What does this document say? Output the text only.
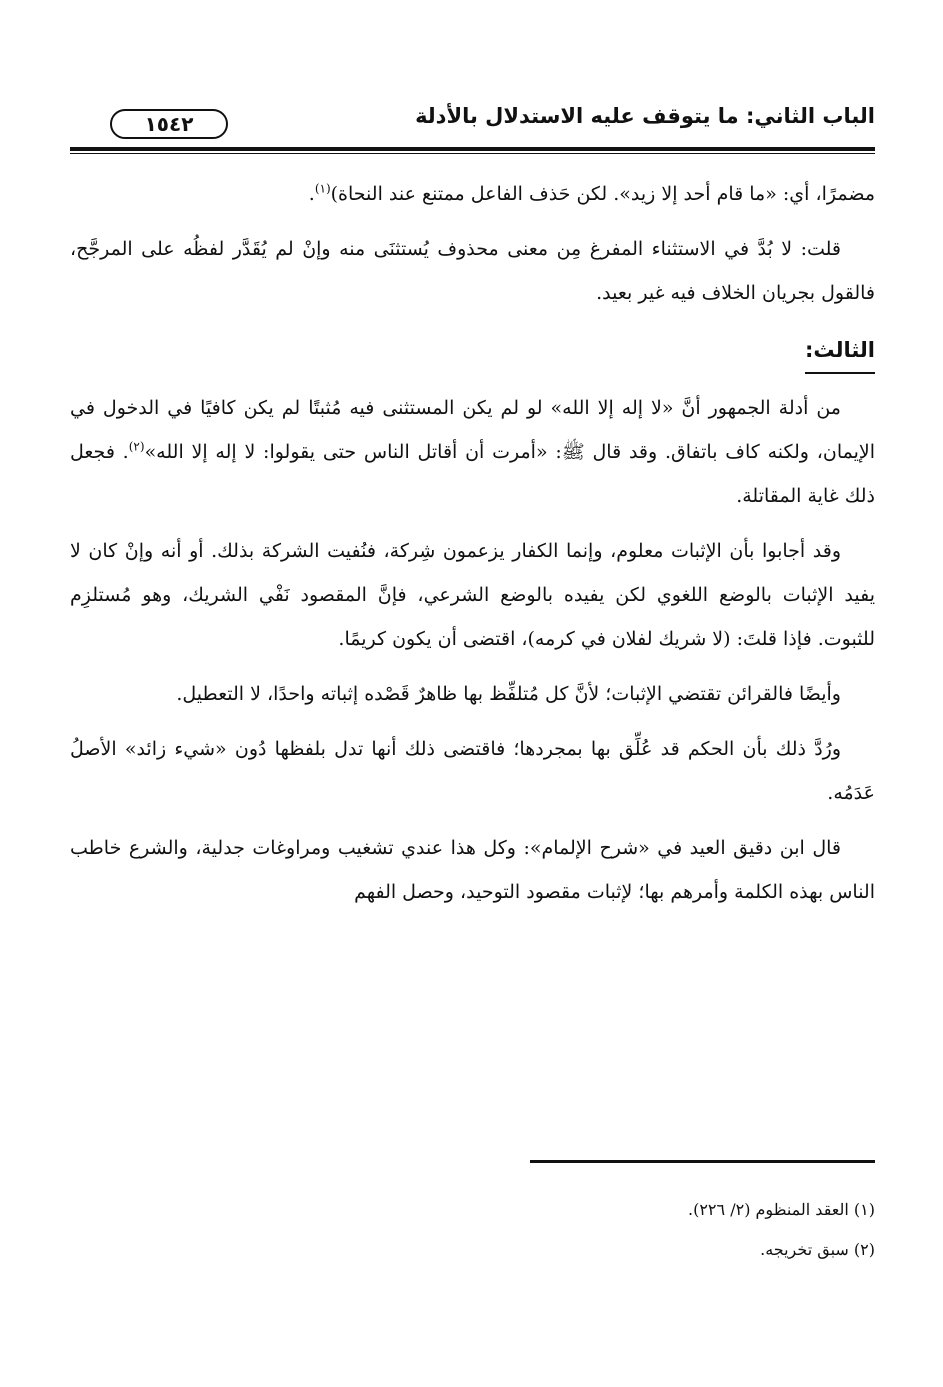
الباب الثاني: ما يتوقف عليه الاستدلال بالأدلة
١٥٤٢

مضمرًا، أي: «ما قام أحد إلا زيد». لكن حَذف الفاعل ممتنع عند النحاة)$^{(١)}$.

قلت: لا بُدَّ في الاستثناء المفرغ مِن معنى محذوف يُستثنَى منه وإنْ لم يُقَدَّر لفظُه على المرجَّح، فالقول بجريان الخلاف فيه غير بعيد.

الثالث:

من أدلة الجمهور أنَّ «لا إله إلا الله» لو لم يكن المستثنى فيه مُثبتًا لم يكن كافيًا في الدخول في الإيمان، ولكنه كاف باتفاق. وقد قال ﷺ: «أمرت أن أقاتل الناس حتى يقولوا: لا إله إلا الله»$^{(٢)}$. فجعل ذلك غاية المقاتلة.

وقد أجابوا بأن الإثبات معلوم، وإنما الكفار يزعمون شِركة، فنُفيت الشركة بذلك. أو أنه وإنْ كان لا يفيد الإثبات بالوضع اللغوي لكن يفيده بالوضع الشرعي، فإنَّ المقصود نَفْي الشريك، وهو مُستلزِم للثبوت. فإذا قلتَ: (لا شريك لفلان في كرمه)، اقتضى أن يكون كريمًا.

وأيضًا فالقرائن تقتضي الإثبات؛ لأنَّ كل مُتلفِّظ بها ظاهرٌ قَصْده إثباته واحدًا، لا التعطيل.

ورُدَّ ذلك بأن الحكم قد عُلِّق بها بمجردها؛ فاقتضى ذلك أنها تدل بلفظها دُون «شيء زائد» الأصلُ عَدَمُه.

قال ابن دقيق العيد في «شرح الإلمام»: وكل هذا عندي تشغيب ومراوغات جدلية، والشرع خاطب الناس بهذه الكلمة وأمرهم بها؛ لإثبات مقصود التوحيد، وحصل الفهم

(١) العقد المنظوم (٢/ ٢٢٦).
(٢) سبق تخريجه.
